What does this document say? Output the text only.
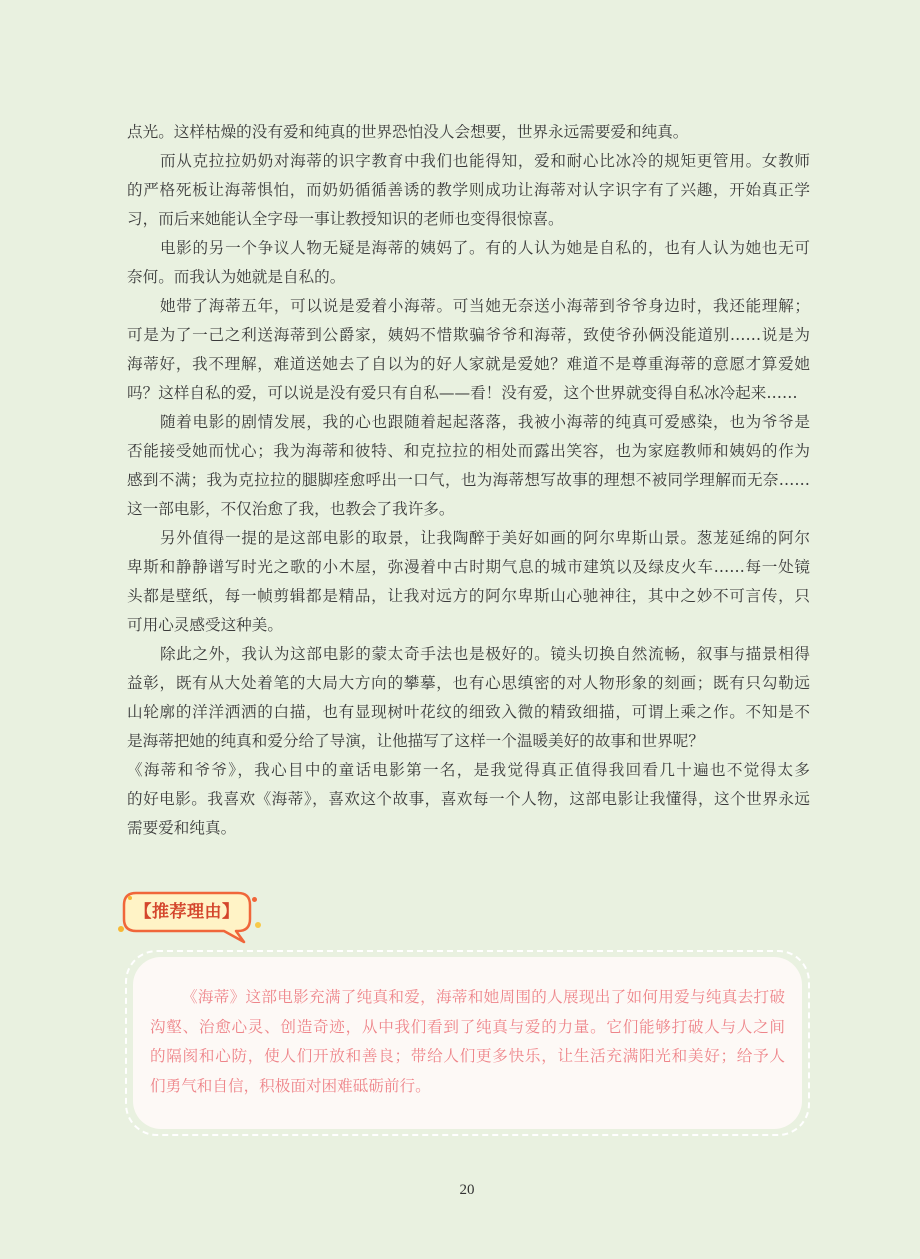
点光。这样枯燥的没有爱和纯真的世界恐怕没人会想要，世界永远需要爱和纯真。
而从克拉拉奶奶对海蒂的识字教育中我们也能得知，爱和耐心比冰冷的规矩更管用。女教师
的严格死板让海蒂惧怕，而奶奶循循善诱的教学则成功让海蒂对认字识字有了兴趣，开始真正学
习，而后来她能认全字母一事让教授知识的老师也变得很惊喜。
电影的另一个争议人物无疑是海蒂的姨妈了。有的人认为她是自私的，也有人认为她也无可
奈何。而我认为她就是自私的。
她带了海蒂五年，可以说是爱着小海蒂。可当她无奈送小海蒂到爷爷身边时，我还能理解；
可是为了一己之利送海蒂到公爵家，姨妈不惜欺骗爷爷和海蒂，致使爷孙俩没能道别……说是为
海蒂好，我不理解，难道送她去了自以为的好人家就是爱她？难道不是尊重海蒂的意愿才算爱她
吗？这样自私的爱，可以说是没有爱只有自私——看！没有爱，这个世界就变得自私冰冷起来……
随着电影的剧情发展，我的心也跟随着起起落落，我被小海蒂的纯真可爱感染，也为爷爷是
否能接受她而忧心；我为海蒂和彼特、和克拉拉的相处而露出笑容，也为家庭教师和姨妈的作为
感到不满；我为克拉拉的腿脚痊愈呼出一口气，也为海蒂想写故事的理想不被同学理解而无奈……
这一部电影，不仅治愈了我，也教会了我许多。
另外值得一提的是这部电影的取景，让我陶醉于美好如画的阿尔卑斯山景。葱茏延绵的阿尔
卑斯和静静谱写时光之歌的小木屋，弥漫着中古时期气息的城市建筑以及绿皮火车……每一处镜
头都是壁纸，每一帧剪辑都是精品，让我对远方的阿尔卑斯山心驰神往，其中之妙不可言传，只
可用心灵感受这种美。
除此之外，我认为这部电影的蒙太奇手法也是极好的。镜头切换自然流畅，叙事与描景相得
益彰，既有从大处着笔的大局大方向的攀摹，也有心思缜密的对人物形象的刻画；既有只勾勒远
山轮廓的洋洋洒洒的白描，也有显现树叶花纹的细致入微的精致细描，可谓上乘之作。不知是不
是海蒂把她的纯真和爱分给了导演，让他描写了这样一个温暖美好的故事和世界呢？
《海蒂和爷爷》，我心目中的童话电影第一名，是我觉得真正值得我回看几十遍也不觉得太多
的好电影。我喜欢《海蒂》，喜欢这个故事，喜欢每一个人物，这部电影让我懂得，这个世界永远
需要爱和纯真。
【推荐理由】
《海蒂》这部电影充满了纯真和爱，海蒂和她周围的人展现出了如何用爱与纯真去打破
沟壑、治愈心灵、创造奇迹，从中我们看到了纯真与爱的力量。它们能够打破人与人之间
的隔阂和心防，使人们开放和善良；带给人们更多快乐，让生活充满阳光和美好；给予人
们勇气和自信，积极面对困难砥砺前行。
20
